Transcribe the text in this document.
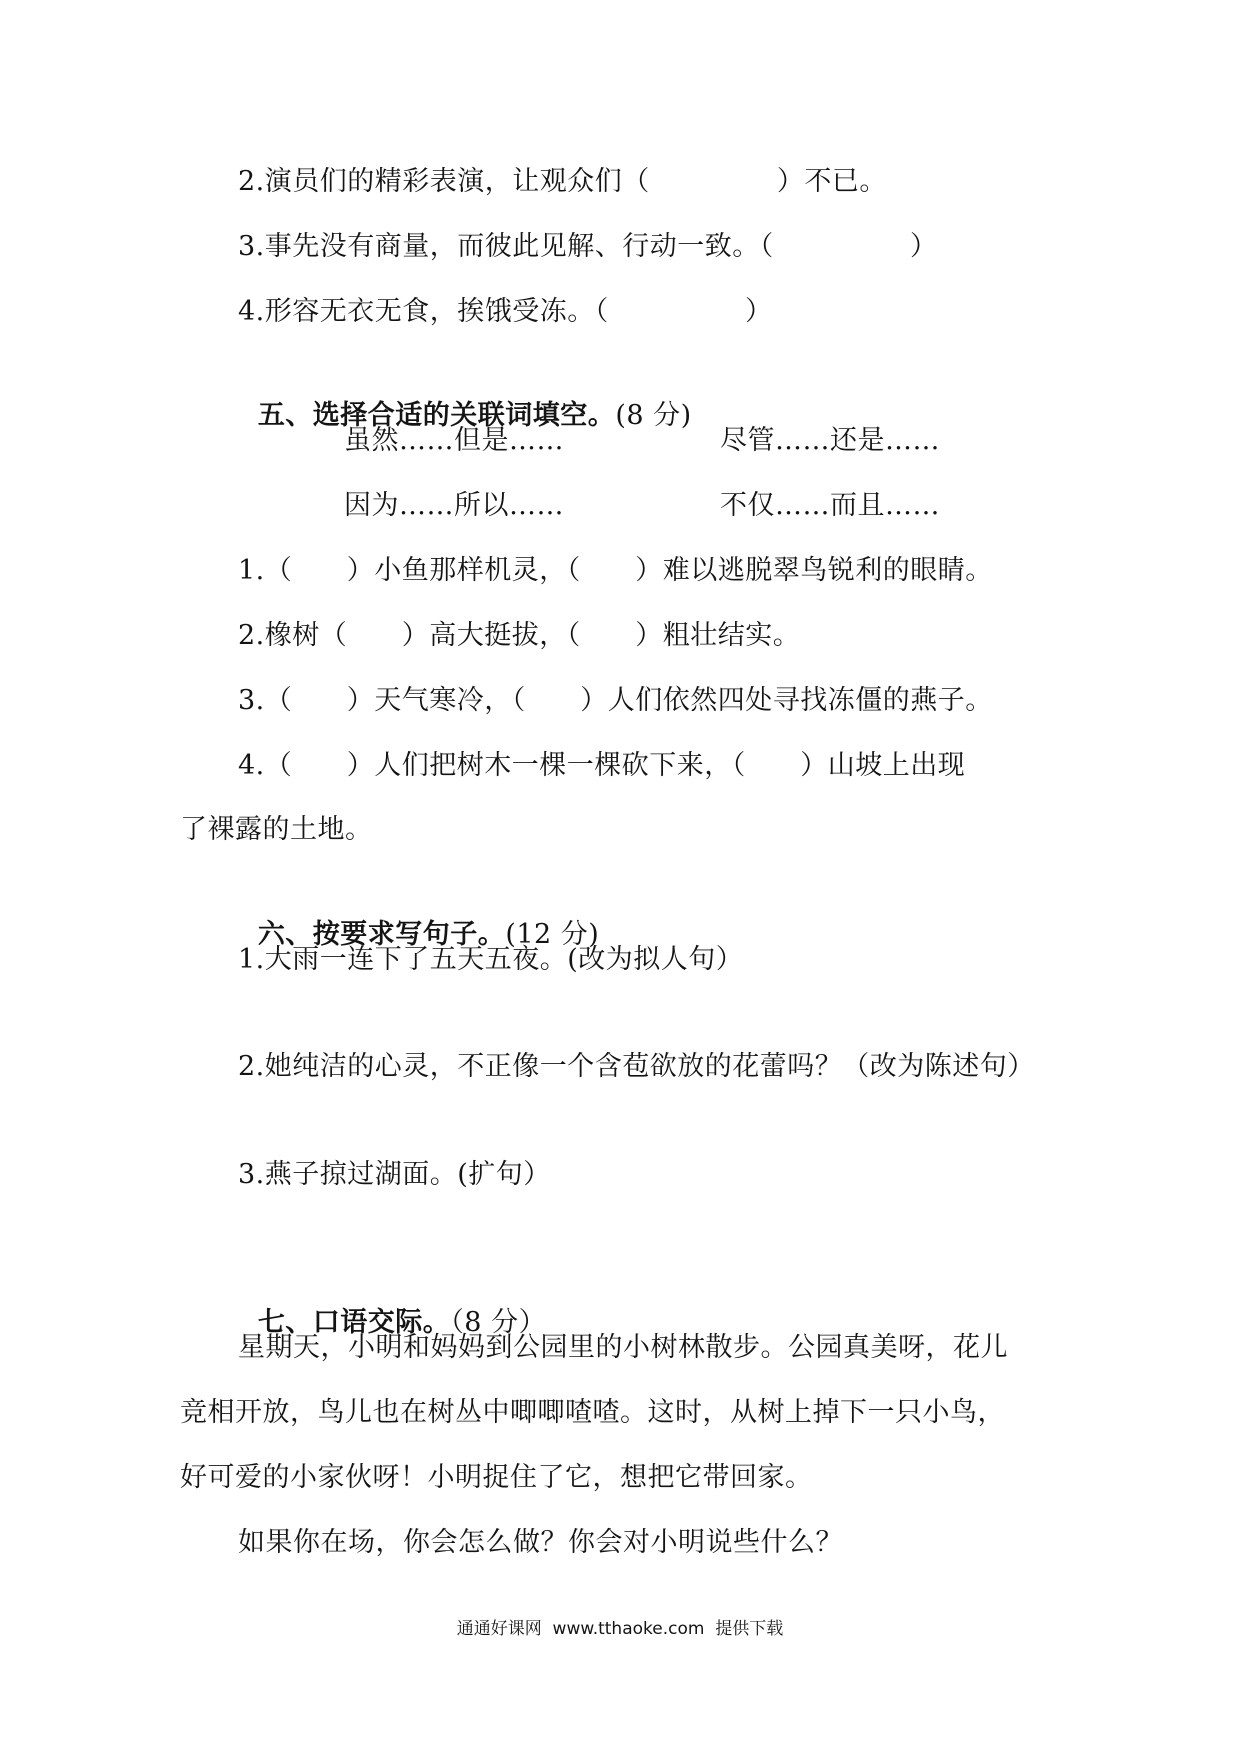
2.演员们的精彩表演，让观众们（              ）不已。
3.事先没有商量，而彼此见解、行动一致。（               ）
4.形容无衣无食，挨饿受冻。（               ）

五、选择合适的关联词填空。(8 分)

虽然……但是……	尽管……还是……
因为……所以……	不仅……而且……
1.（      ）小鱼那样机灵，（      ）难以逃脱翠鸟锐利的眼睛。
2.橡树（      ）高大挺拔，（      ）粗壮结实。
3.（      ）天气寒冷，（      ）人们依然四处寻找冻僵的燕子。
4.（      ）人们把树木一棵一棵砍下来，（      ）山坡上出现
了裸露的土地。

六、按要求写句子。(12 分)

1.大雨一连下了五天五夜。(改为拟人句）
2.她纯洁的心灵，不正像一个含苞欲放的花蕾吗？（改为陈述句）
3.燕子掠过湖面。(扩句）

七、口语交际。（8 分）

星期天，小明和妈妈到公园里的小树林散步。公园真美呀，花儿
竞相开放，鸟儿也在树丛中唧唧喳喳。这时，从树上掉下一只小鸟，
好可爱的小家伙呀！小明捉住了它，想把它带回家。
如果你在场，你会怎么做？你会对小明说些什么？
通通好课网  www.tthaoke.com  提供下载
